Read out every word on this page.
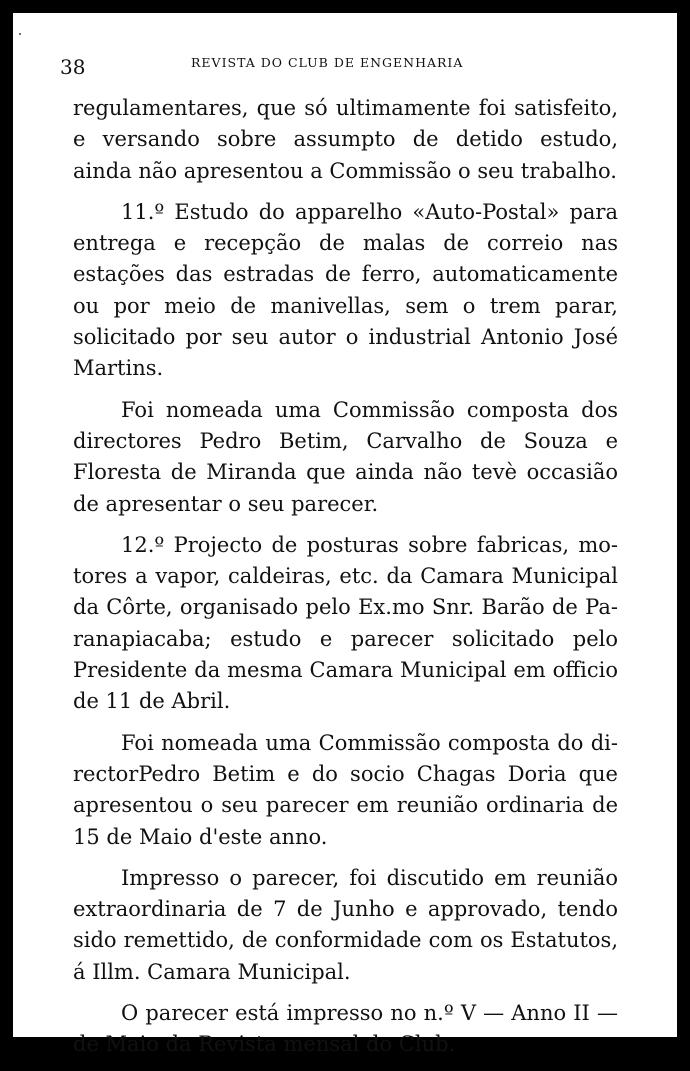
38	REVISTA DO CLUB DE ENGENHARIA

regulamentares, que só ultimamente foi satisfeito, e versando sobre assumpto de detido estudo, ainda não apresentou a Commissão o seu trabalho.

11.º Estudo do apparelho «Auto-Postal» para entrega e recepção de malas de correio nas estações das estradas de ferro, automaticamente ou por meio de manivellas, sem o trem parar, solicitado por seu autor o industrial Antonio José Martins.

Foi nomeada uma Commissão composta dos directores Pedro Betim, Carvalho de Souza e Floresta de Miranda que ainda não tevè occasião de apresentar o seu parecer.

12.º Projecto de posturas sobre fabricas, motores a vapor, caldeiras, etc. da Camara Municipal da Côrte, organisado pelo Ex.mo Snr. Barão de Paranapiacaba; estudo e parecer solicitado pelo Presidente da mesma Camara Municipal em officio de 11 de Abril.

Foi nomeada uma Commissão composta do directorPedro Betim e do socio Chagas Doria que apresentou o seu parecer em reunião ordinaria de 15 de Maio d'este anno.

Impresso o parecer, foi discutido em reunião extraordinaria de 7 de Junho e approvado, tendo sido remettido, de conformidade com os Estatutos, á Illm. Camara Municipal.

O parecer está impresso no n.º V — Anno II — de Maio da Revista mensal do Club.
